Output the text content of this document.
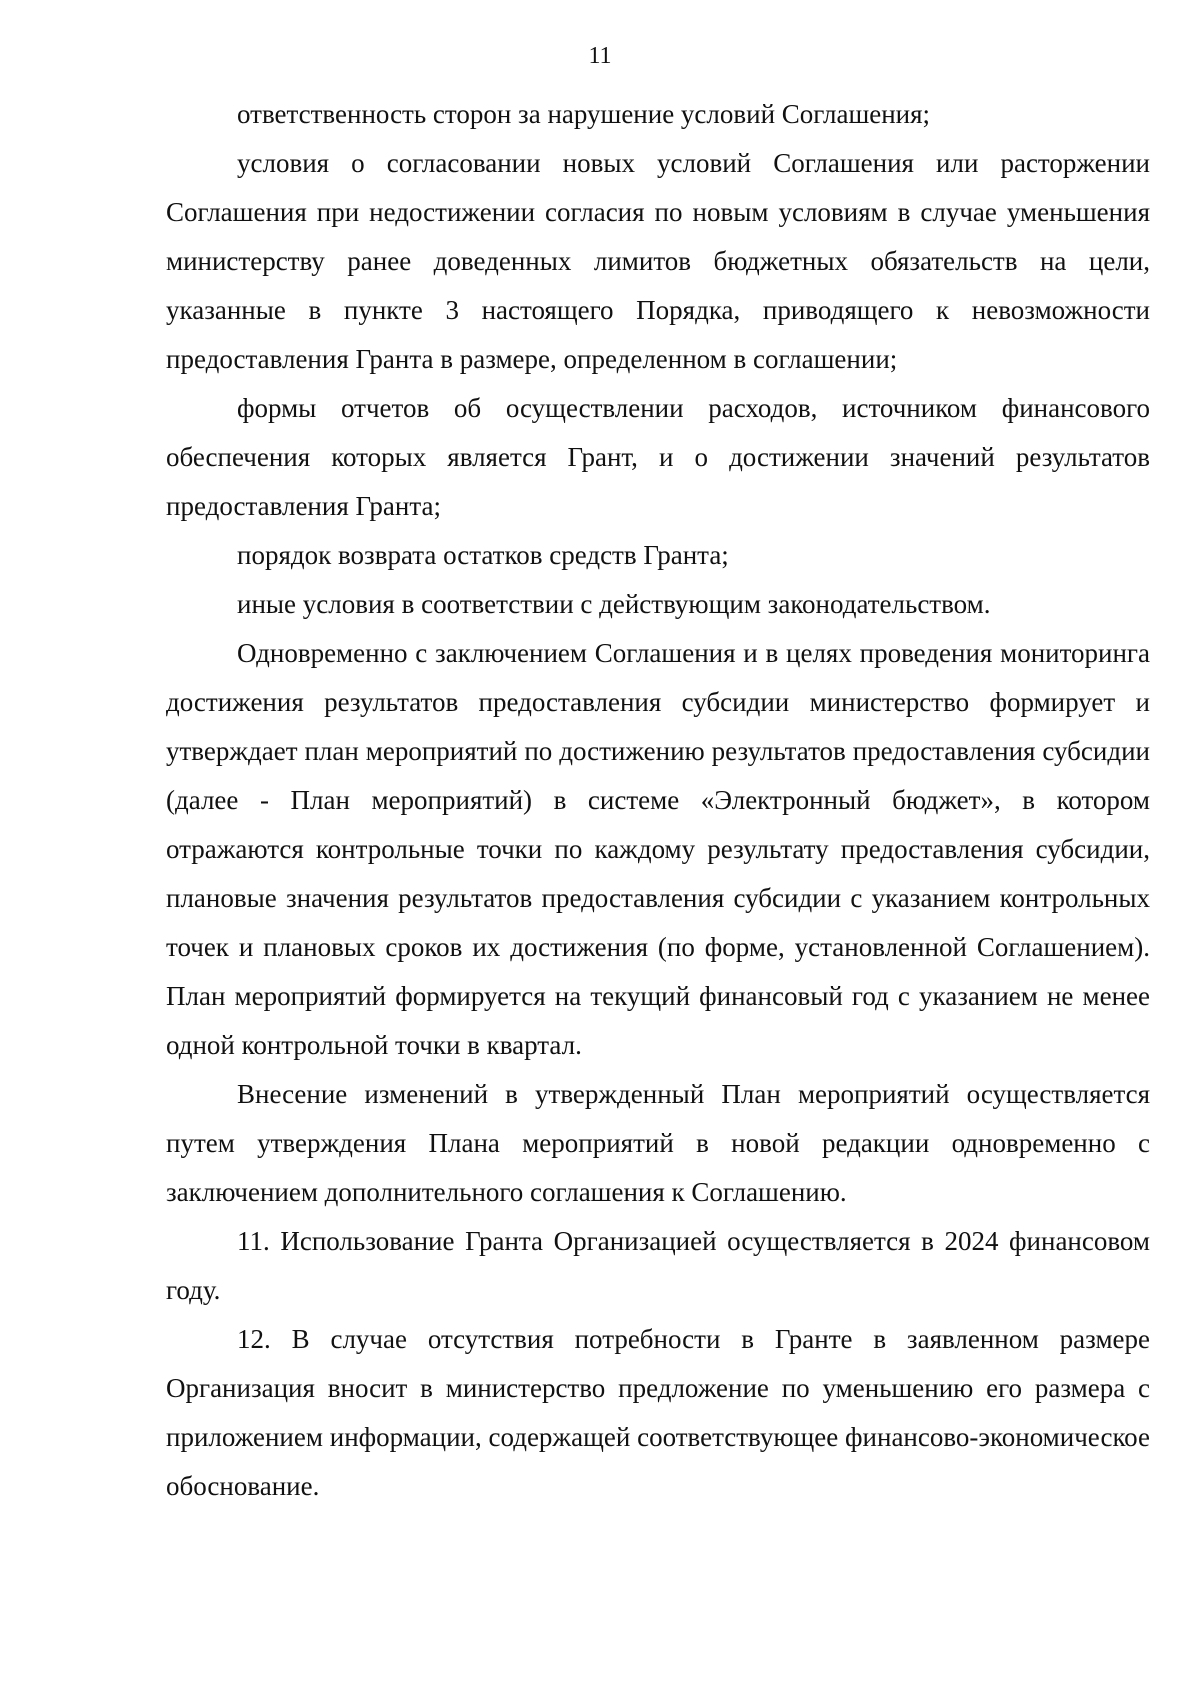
11

ответственность сторон за нарушение условий Соглашения;

условия о согласовании новых условий Соглашения или расторжении Соглашения при недостижении согласия по новым условиям в случае уменьшения министерству ранее доведенных лимитов бюджетных обязательств на цели, указанные в пункте 3 настоящего Порядка, приводящего к невозможности предоставления Гранта в размере, определенном в соглашении;

формы отчетов об осуществлении расходов, источником финансового обеспечения которых является Грант, и о достижении значений результатов предоставления Гранта;

порядок возврата остатков средств Гранта;

иные условия в соответствии с действующим законодательством.

Одновременно с заключением Соглашения и в целях проведения мониторинга достижения результатов предоставления субсидии министерство формирует и утверждает план мероприятий по достижению результатов предоставления субсидии (далее - План мероприятий) в системе «Электронный бюджет», в котором отражаются контрольные точки по каждому результату предоставления субсидии, плановые значения результатов предоставления субсидии с указанием контрольных точек и плановых сроков их достижения (по форме, установленной Соглашением). План мероприятий формируется на текущий финансовый год с указанием не менее одной контрольной точки в квартал.

Внесение изменений в утвержденный План мероприятий осуществляется путем утверждения Плана мероприятий в новой редакции одновременно с заключением дополнительного соглашения к Соглашению.

11. Использование Гранта Организацией осуществляется в 2024 финансовом году.

12. В случае отсутствия потребности в Гранте в заявленном размере Организация вносит в министерство предложение по уменьшению его размера с приложением информации, содержащей соответствующее финансово-экономическое обоснование.
